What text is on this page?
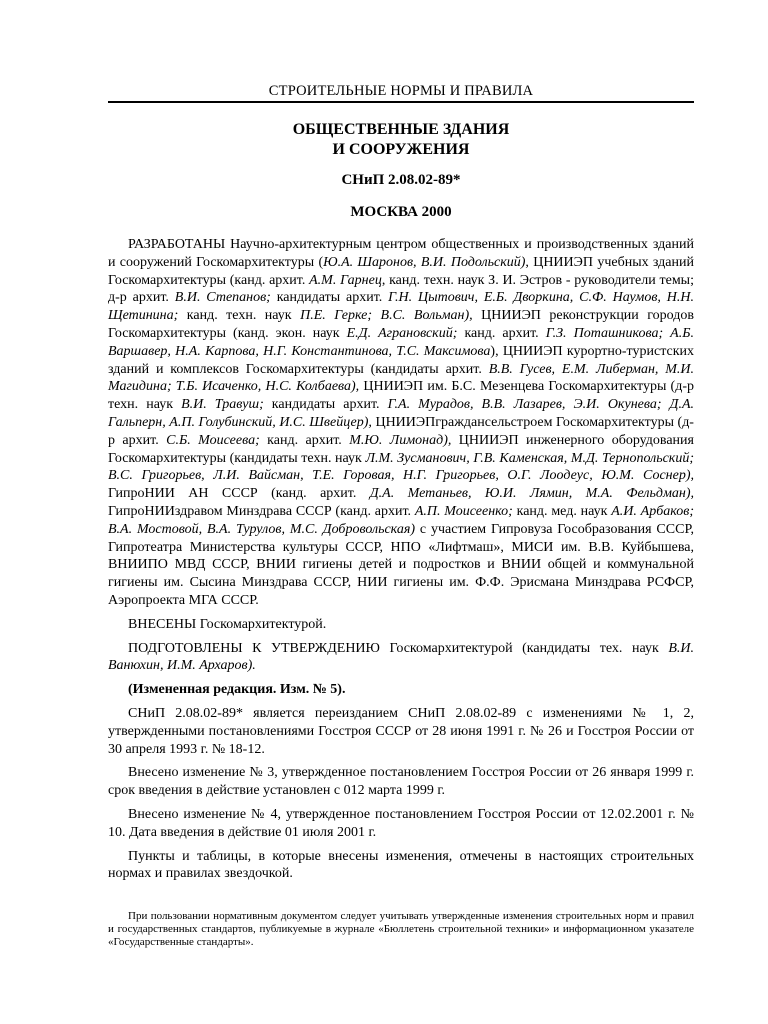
СТРОИТЕЛЬНЫЕ НОРМЫ И ПРАВИЛА
ОБЩЕСТВЕННЫЕ ЗДАНИЯ
И СООРУЖЕНИЯ
СНиП 2.08.02-89*
МОСКВА 2000

РАЗРАБОТАНЫ Научно-архитектурным центром общественных и производственных зданий и сооружений Госкомархитектуры (Ю.А. Шаронов, В.И. Подольский), ЦНИИЭП учебных зданий Госкомархитектуры (канд. архит. А.М. Гарнец, канд. техн. наук З. И. Эстров - руководители темы; д-р архит. В.И. Степанов; кандидаты архит. Г.Н. Цытович, Е.Б. Дворкина, С.Ф. Наумов, Н.Н. Щетинина; канд. техн. наук П.Е. Герке; В.С. Вольман), ЦНИИЭП реконструкции городов Госкомархитектуры (канд. экон. наук Е.Д. Аграновский; канд. архит. Г.З. Поташникова; А.Б. Варшавер, Н.А. Карпова, Н.Г. Константинова, Т.С. Максимова), ЦНИИЭП курортно-туристских зданий и комплексов Госкомархитектуры (кандидаты архит. В.В. Гусев, Е.М. Либерман, М.И. Магидина; Т.Б. Исаченко, Н.С. Колбаева), ЦНИИЭП им. Б.С. Мезенцева Госкомархитектуры (д-р техн. наук В.И. Травуш; кандидаты архит. Г.А. Мурадов, В.В. Лазарев, Э.И. Окунева; Д.А. Гальперн, А.П. Голубинский, И.С. Швейцер), ЦНИИЭПграждансельстроем Госкомархитектуры (д-р архит. С.Б. Моисеева; канд. архит. М.Ю. Лимонад), ЦНИИЭП инженерного оборудования Госкомархитектуры (кандидаты техн. наук Л.М. Зусманович, Г.В. Каменская, М.Д. Тернопольский; В.С. Григорьев, Л.И. Вайсман, Т.Е. Горовая, Н.Г. Григорьев, О.Г. Лоодеус, Ю.М. Соснер), ГипроНИИ АН СССР (канд. архит. Д.А. Метаньев, Ю.И. Лямин, М.А. Фельдман), ГипроНИИздравом Минздрава СССР (канд. архит. А.П. Моисеенко; канд. мед. наук А.И. Арбаков; В.А. Мостовой, В.А. Турулов, М.С. Добровольская) с участием Гипровуза Гособразования СССР, Гипротеатра Министерства культуры СССР, НПО «Лифтмаш», МИСИ им. В.В. Куйбышева, ВНИИПО МВД СССР, ВНИИ гигиены детей и подростков и ВНИИ общей и коммунальной гигиены им. Сысина Минздрава СССР, НИИ гигиены им. Ф.Ф. Эрисмана Минздрава РСФСР, Аэропроекта МГА СССР.

ВНЕСЕНЫ Госкомархитектурой.

ПОДГОТОВЛЕНЫ К УТВЕРЖДЕНИЮ Госкомархитектурой (кандидаты тех. наук В.И. Ванюхин, И.М. Архаров).

(Измененная редакция. Изм. № 5).

СНиП 2.08.02-89* является переизданием СНиП 2.08.02-89 с изменениями № 1, 2, утвержденными постановлениями Госстроя СССР от 28 июня 1991 г. № 26 и Госстроя России от 30 апреля 1993 г. № 18-12.

Внесено изменение № 3, утвержденное постановлением Госстроя России от 26 января 1999 г. срок введения в действие установлен с 012 марта 1999 г.

Внесено изменение № 4, утвержденное постановлением Госстроя России от 12.02.2001 г. № 10. Дата введения в действие 01 июля 2001 г.

Пункты и таблицы, в которые внесены изменения, отмечены в настоящих строительных нормах и правилах звездочкой.

При пользовании нормативным документом следует учитывать утвержденные изменения строительных норм и правил и государственных стандартов, публикуемые в журнале «Бюллетень строительной техники» и информационном указателе «Государственные стандарты».
